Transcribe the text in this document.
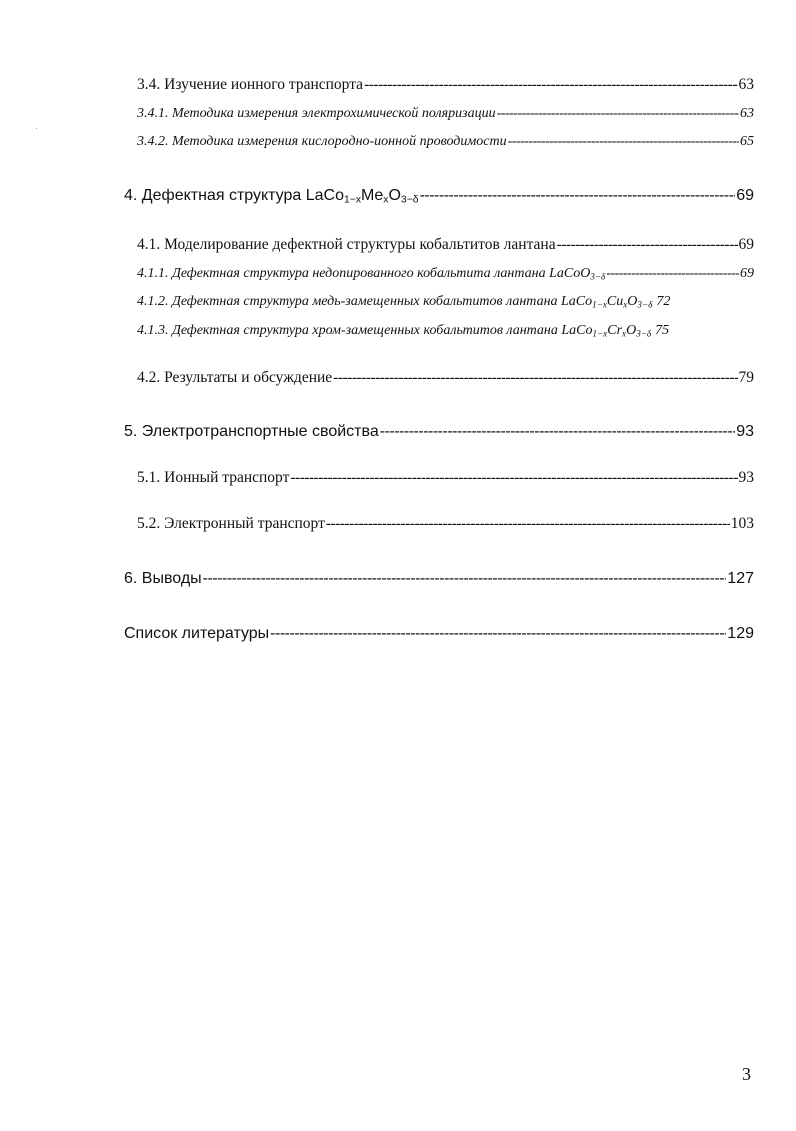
3.4. Изучение ионного транспорта -----	63
3.4.1. Методика измерения электрохимической поляризации -----	63
3.4.2. Методика измерения кислородно-ионной проводимости -----	65
4. Дефектная структура $LaCo_{1-x}Me_xO_{3-\delta}$ -----	69
4.1. Моделирование дефектной структуры кобальтитов лантана -----	69
4.1.1. Дефектная структура недопированного кобальтита лантана LaCoO$_{3-\delta}$ -----	69
4.1.2. Дефектная структура медь-замещенных кобальтитов лантана $LaCo_{1-x}Cu_xO_{3-\delta}$ 72
4.1.3. Дефектная структура хром-замещенных кобальтитов лантана $LaCo_{1-x}Cr_xO_{3-\delta}$ 75
4.2. Результаты и обсуждение -----	79
5. Электротранспортные свойства -----	93
5.1. Ионный транспорт -----	93
5.2. Электронный транспорт -----	103
6. Выводы -----	127
Список литературы -----	129
3
